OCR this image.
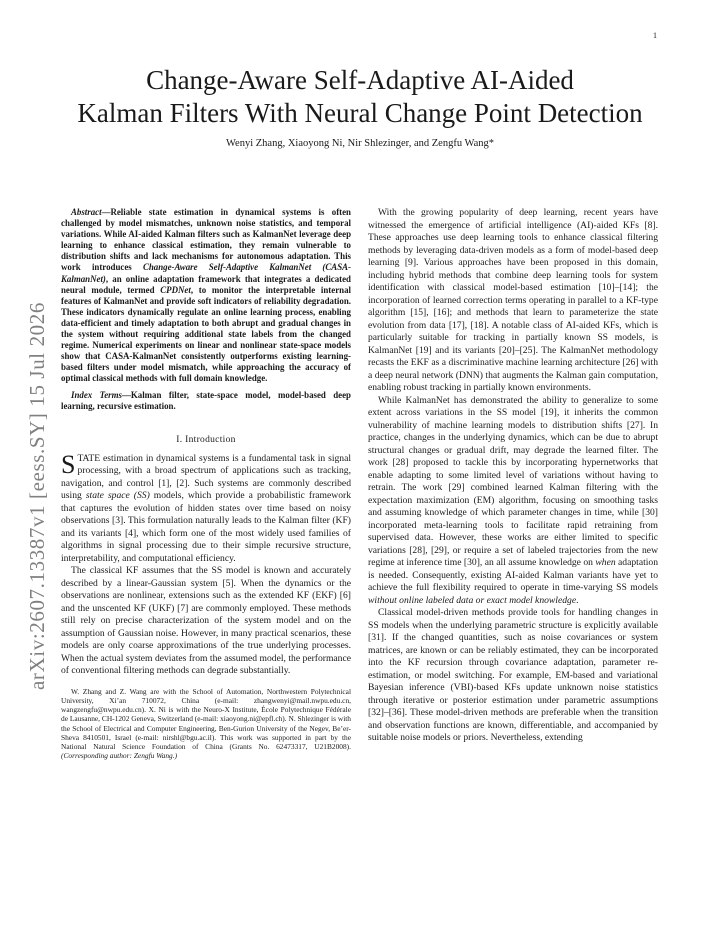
1
arXiv:2607.13387v1 [eess.SY] 15 Jul 2026
Change-Aware Self-Adaptive AI-Aided
Kalman Filters With Neural Change Point Detection
Wenyi Zhang, Xiaoyong Ni, Nir Shlezinger, and Zengfu Wang*

Abstract—Reliable state estimation in dynamical systems is often challenged by model mismatches, unknown noise statistics, and temporal variations. While AI-aided Kalman filters such as KalmanNet leverage deep learning to enhance classical estimation, they remain vulnerable to distribution shifts and lack mechanisms for autonomous adaptation. This work introduces Change-Aware Self-Adaptive KalmanNet (CASA-KalmanNet), an online adaptation framework that integrates a dedicated neural module, termed CPDNet, to monitor the interpretable internal features of KalmanNet and provide soft indicators of reliability degradation. These indicators dynamically regulate an online learning process, enabling data-efficient and timely adaptation to both abrupt and gradual changes in the system without requiring additional state labels from the changed regime. Numerical experiments on linear and nonlinear state-space models show that CASA-KalmanNet consistently outperforms existing learning-based filters under model mismatch, while approaching the accuracy of optimal classical methods with full domain knowledge.

Index Terms—Kalman filter, state-space model, model-based deep learning, recursive estimation.

I. Introduction

STATE estimation in dynamical systems is a fundamental task in signal processing, with a broad spectrum of applications such as tracking, navigation, and control [1], [2]. Such systems are commonly described using state space (SS) models, which provide a probabilistic framework that captures the evolution of hidden states over time based on noisy observations [3]. This formulation naturally leads to the Kalman filter (KF) and its variants [4], which form one of the most widely used families of algorithms in signal processing due to their simple recursive structure, interpretability, and computational efficiency.

The classical KF assumes that the SS model is known and accurately described by a linear-Gaussian system [5]. When the dynamics or the observations are nonlinear, extensions such as the extended KF (EKF) [6] and the unscented KF (UKF) [7] are commonly employed. These methods still rely on precise characterization of the system model and on the assumption of Gaussian noise. However, in many practical scenarios, these models are only coarse approximations of the true underlying processes. When the actual system deviates from the assumed model, the performance of conventional filtering methods can degrade substantially.

W. Zhang and Z. Wang are with the School of Automation, Northwestern Polytechnical University, Xi’an 710072, China (e-mail: zhangwenyi@mail.nwpu.edu.cn, wangzengfu@nwpu.edu.cn). X. Ni is with the Neuro-X Institute, École Polytechnique Fédérale de Lausanne, CH-1202 Geneva, Switzerland (e-mail: xiaoyong.ni@epfl.ch). N. Shlezinger is with the School of Electrical and Computer Engineering, Ben-Gurion University of the Negev, Be’er-Sheva 8410501, Israel (e-mail: nirshl@bgu.ac.il). This work was supported in part by the National Natural Science Foundation of China (Grants No. 62473317, U21B2008). (Corresponding author: Zengfu Wang.)

With the growing popularity of deep learning, recent years have witnessed the emergence of artificial intelligence (AI)-aided KFs [8]. These approaches use deep learning tools to enhance classical filtering methods by leveraging data-driven models as a form of model-based deep learning [9]. Various approaches have been proposed in this domain, including hybrid methods that combine deep learning tools for system identification with classical model-based estimation [10]–[14]; the incorporation of learned correction terms operating in parallel to a KF-type algorithm [15], [16]; and methods that learn to parameterize the state evolution from data [17], [18]. A notable class of AI-aided KFs, which is particularly suitable for tracking in partially known SS models, is KalmanNet [19] and its variants [20]–[25]. The KalmanNet methodology recasts the EKF as a discriminative machine learning architecture [26] with a deep neural network (DNN) that augments the Kalman gain computation, enabling robust tracking in partially known environments.

While KalmanNet has demonstrated the ability to generalize to some extent across variations in the SS model [19], it inherits the common vulnerability of machine learning models to distribution shifts [27]. In practice, changes in the underlying dynamics, which can be due to abrupt structural changes or gradual drift, may degrade the learned filter. The work [28] proposed to tackle this by incorporating hypernetworks that enable adapting to some limited level of variations without having to retrain. The work [29] combined learned Kalman filtering with the expectation maximization (EM) algorithm, focusing on smoothing tasks and assuming knowledge of which parameter changes in time, while [30] incorporated meta-learning tools to facilitate rapid retraining from supervised data. However, these works are either limited to specific variations [28], [29], or require a set of labeled trajectories from the new regime at inference time [30], an all assume knowledge on when adaptation is needed. Consequently, existing AI-aided Kalman variants have yet to achieve the full flexibility required to operate in time-varying SS models without online labeled data or exact model knowledge.

Classical model-driven methods provide tools for handling changes in SS models when the underlying parametric structure is explicitly available [31]. If the changed quantities, such as noise covariances or system matrices, are known or can be reliably estimated, they can be incorporated into the KF recursion through covariance adaptation, parameter re-estimation, or model switching. For example, EM-based and variational Bayesian inference (VBI)-based KFs update unknown noise statistics through iterative or posterior estimation under parametric assumptions [32]–[36]. These model-driven methods are preferable when the transition and observation functions are known, differentiable, and accompanied by suitable noise models or priors. Nevertheless, extending
